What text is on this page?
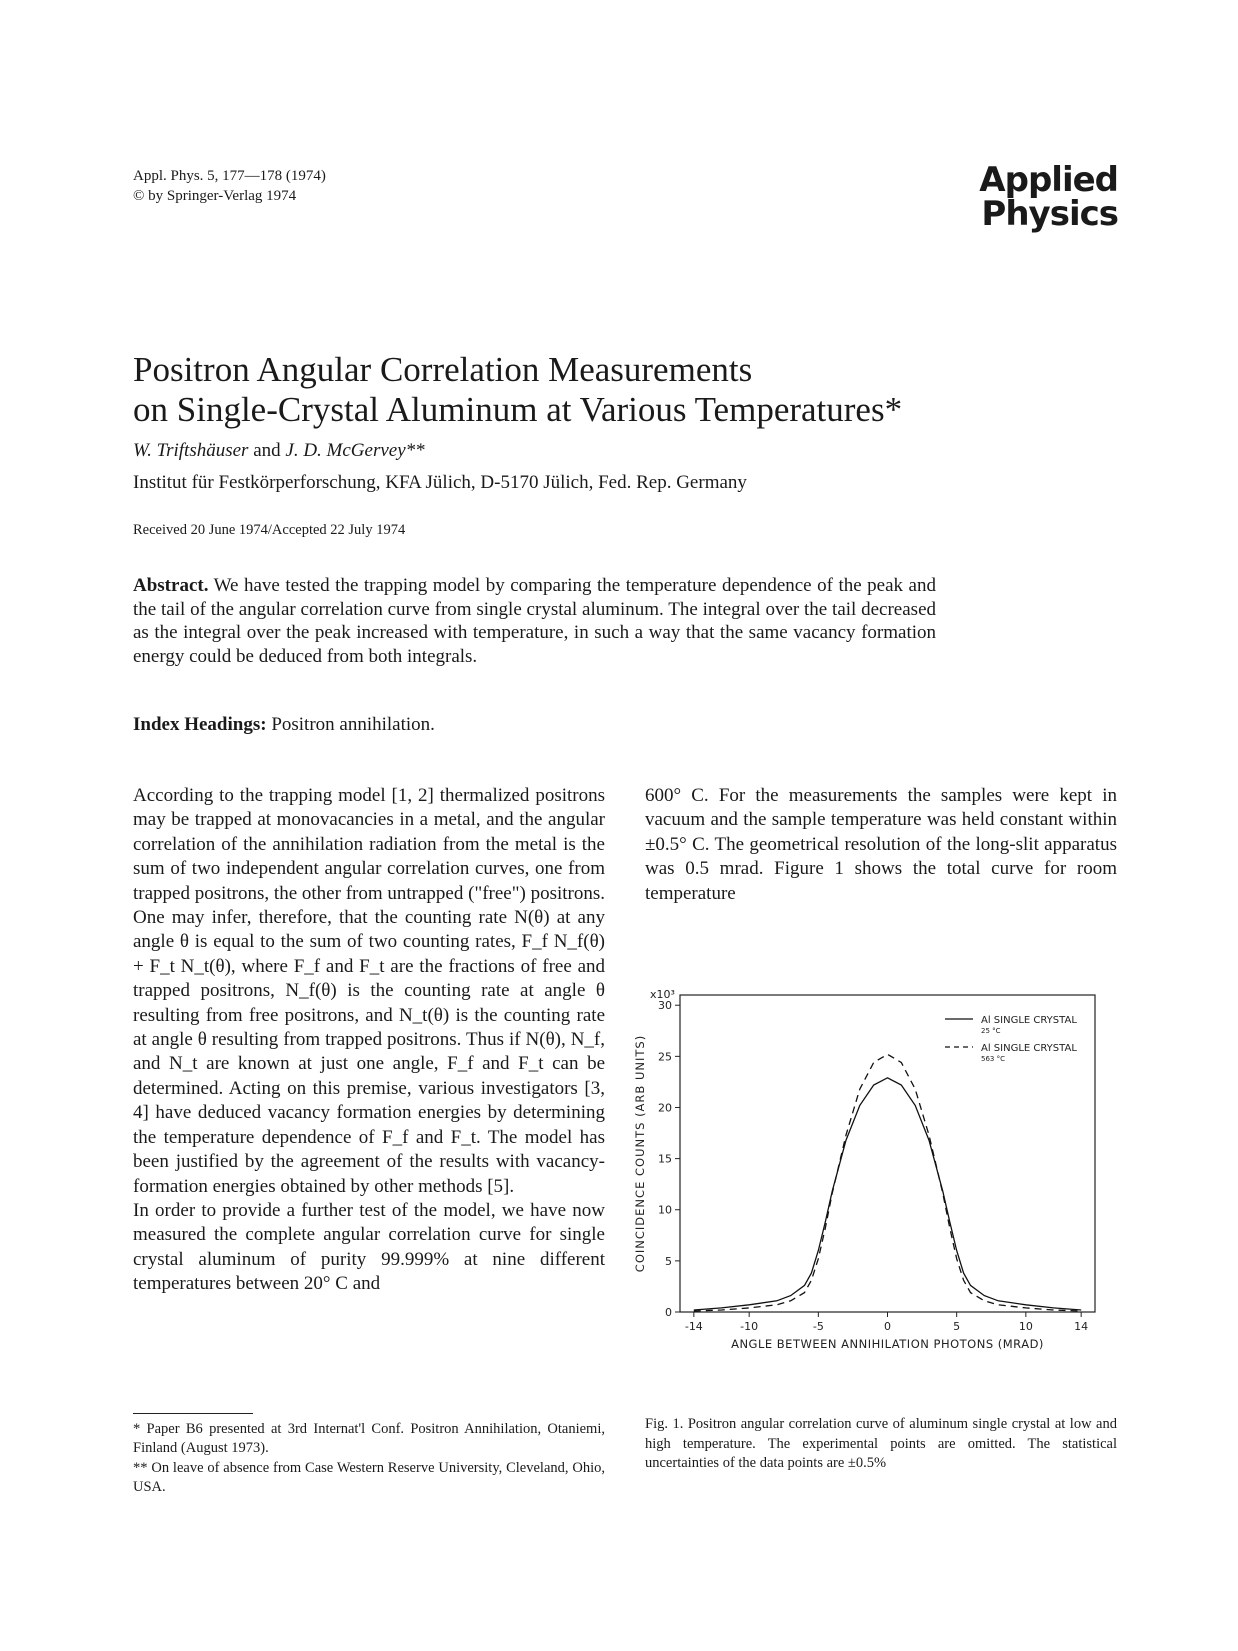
Appl. Phys. 5, 177—178 (1974)
© by Springer-Verlag 1974	Applied
Physics
Positron Angular Correlation Measurements
on Single-Crystal Aluminum at Various Temperatures*
W. Triftshäuser and J. D. McGervey**
Institut für Festkörperforschung, KFA Jülich, D-5170 Jülich, Fed. Rep. Germany
Received 20 June 1974/Accepted 22 July 1974
Abstract. We have tested the trapping model by comparing the temperature dependence of the peak and the tail of the angular correlation curve from single crystal aluminum. The integral over the tail decreased as the integral over the peak increased with temperature, in such a way that the same vacancy formation energy could be deduced from both integrals.
Index Headings: Positron annihilation.

According to the trapping model [1, 2] thermalized positrons may be trapped at monovacancies in a metal, and the angular correlation of the annihilation radiation from the metal is the sum of two independent angular correlation curves, one from trapped positrons, the other from untrapped ("free") positrons. One may infer, therefore, that the counting rate N(θ) at any angle θ is equal to the sum of two counting rates, F_f N_f(θ) + F_t N_t(θ), where F_f and F_t are the fractions of free and trapped positrons, N_f(θ) is the counting rate at angle θ resulting from free positrons, and N_t(θ) is the counting rate at angle θ resulting from trapped positrons. Thus if N(θ), N_f, and N_t are known at just one angle, F_f and F_t can be determined. Acting on this premise, various investigators [3, 4] have deduced vacancy formation energies by determining the temperature dependence of F_f and F_t. The model has been justified by the agreement of the results with vacancy-formation energies obtained by other methods [5].

In order to provide a further test of the model, we have now measured the complete angular correlation curve for single crystal aluminum of purity 99.999% at nine different temperatures between 20° C and

600° C. For the measurements the samples were kept in vacuum and the sample temperature was held constant within ±0.5° C. The geometrical resolution of the long-slit apparatus was 0.5 mrad. Figure 1 shows the total curve for room temperature

* Paper B6 presented at 3rd Internat'l Conf. Positron Annihilation, Otaniemi, Finland (August 1973).

** On leave of absence from Case Western Reserve University, Cleveland, Ohio, USA.

0
5
10
15
20
25
30
-14	-10	-5	0	5	10	14
x10³
ANGLE BETWEEN ANNIHILATION PHOTONS (MRAD)
COINCIDENCE COUNTS (ARB UNITS)
Al SINGLE CRYSTAL
25 °C
Al SINGLE CRYSTAL
563 °C
Fig. 1. Positron angular correlation curve of aluminum single crystal at low and high temperature. The experimental points are omitted. The statistical uncertainties of the data points are ±0.5%
